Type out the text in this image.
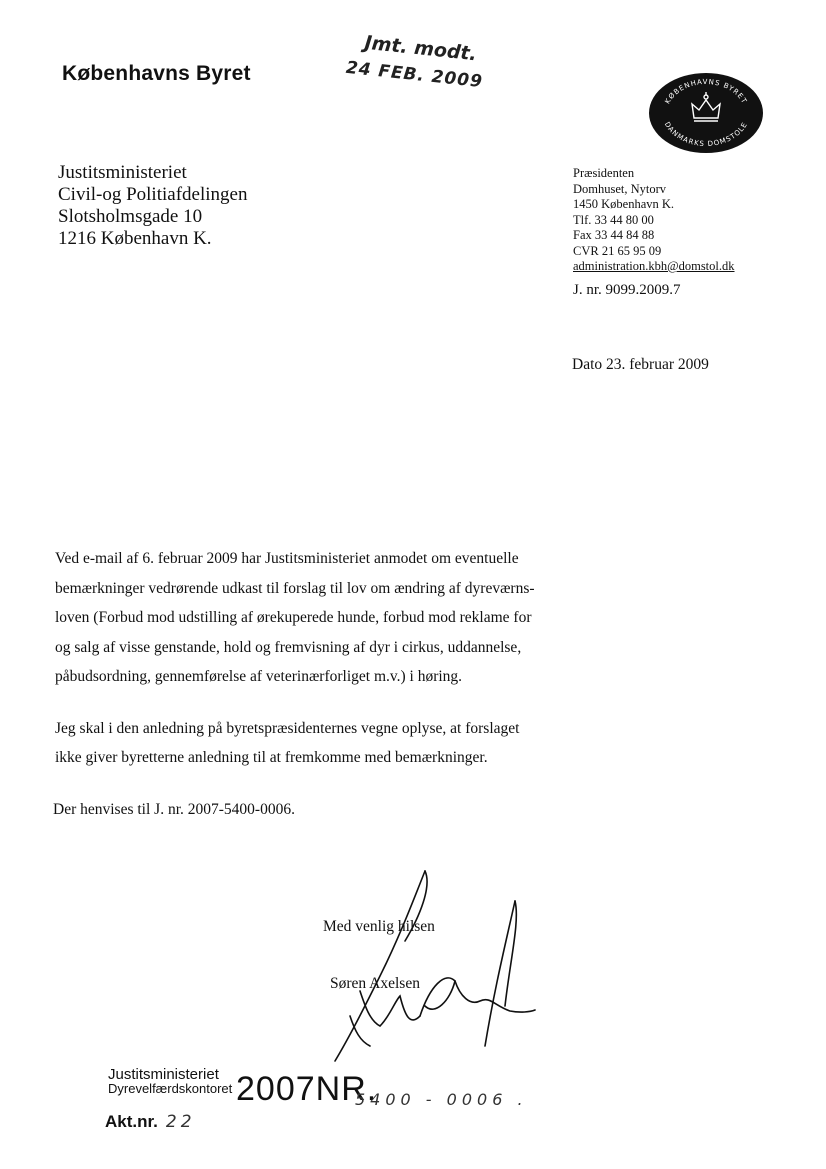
Københavns Byret
Jmt. modt.
24 FEB. 2009
KØBENHAVNS BYRET
DANMARKS DOMSTOLE
Justitsministeriet
Civil-og Politiafdelingen
Slotsholmsgade 10
1216 København K.
Præsidenten
Domhuset, Nytorv
1450 København K.
Tlf. 33 44 80 00
Fax 33 44 84 88
CVR 21 65 95 09
administration.kbh@domstol.dk
J. nr. 9099.2009.7
Dato 23. februar 2009

Ved e-mail af 6. februar 2009 har Justitsministeriet anmodet om eventuelle
bemærkninger vedrørende udkast til forslag til lov om ændring af dyreværns-
loven (Forbud mod udstilling af ørekuperede hunde, forbud mod reklame for
og salg af visse genstande, hold og fremvisning af dyr i cirkus, uddannelse,
påbudsordning, gennemførelse af veterinærforliget m.v.) i høring.

Jeg skal i den anledning på byretspræsidenternes vegne oplyse, at forslaget
ikke giver byretterne anledning til at fremkomme med bemærkninger.

Der henvises til J. nr. 2007-5400-0006.
Med venlig hilsen
Søren Axelsen
Justitsministeriet
Dyrevelfærdskontoret
Akt.nr. 22
2007NR.
5400 - 0006 .
